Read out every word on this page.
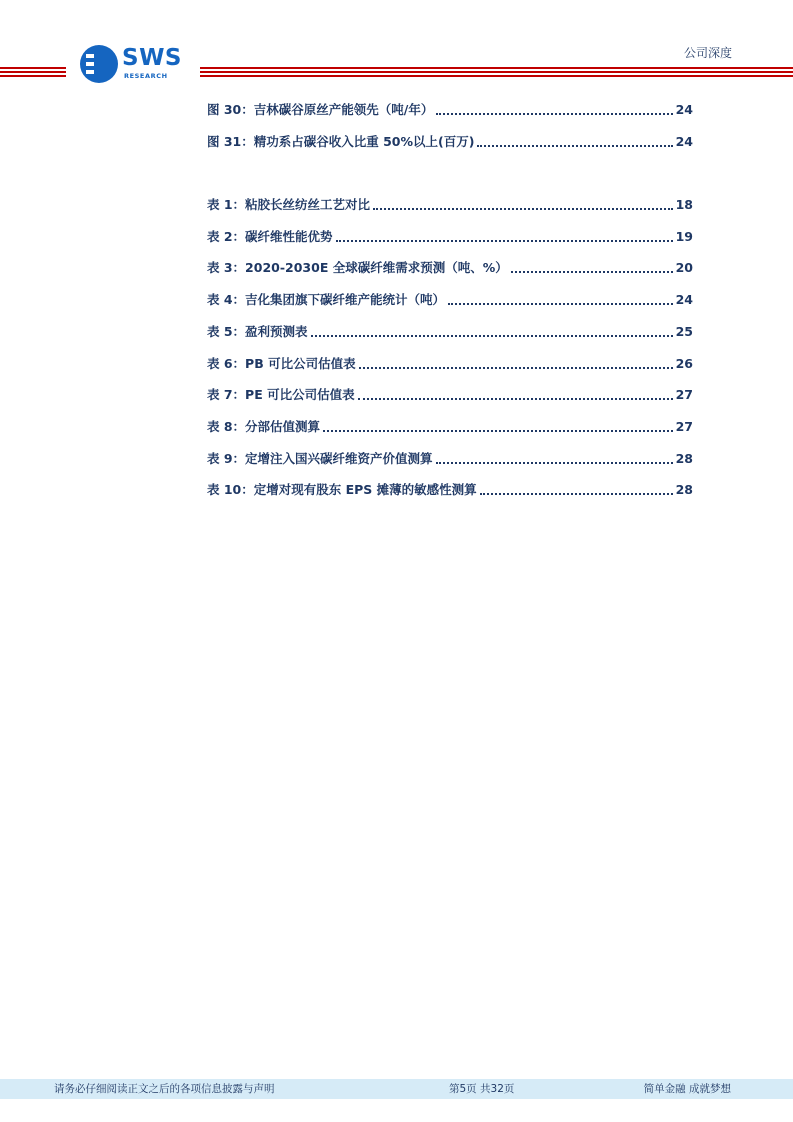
SWS
RESEARCH
公司深度
图 30：吉林碳谷原丝产能领先（吨/年）	24
图 31：精功系占碳谷收入比重 50%以上(百万)	24
表 1：粘胶长丝纺丝工艺对比	18
表 2：碳纤维性能优势	19
表 3：2020-2030E 全球碳纤维需求预测（吨、%）	20
表 4：吉化集团旗下碳纤维产能统计（吨）	24
表 5：盈利预测表	25
表 6：PB 可比公司估值表	26
表 7：PE 可比公司估值表	27
表 8：分部估值测算	27
表 9：定增注入国兴碳纤维资产价值测算	28
表 10：定增对现有股东 EPS 摊薄的敏感性测算	28
请务必仔细阅读正文之后的各项信息披露与声明	第5页 共32页	简单金融 成就梦想
